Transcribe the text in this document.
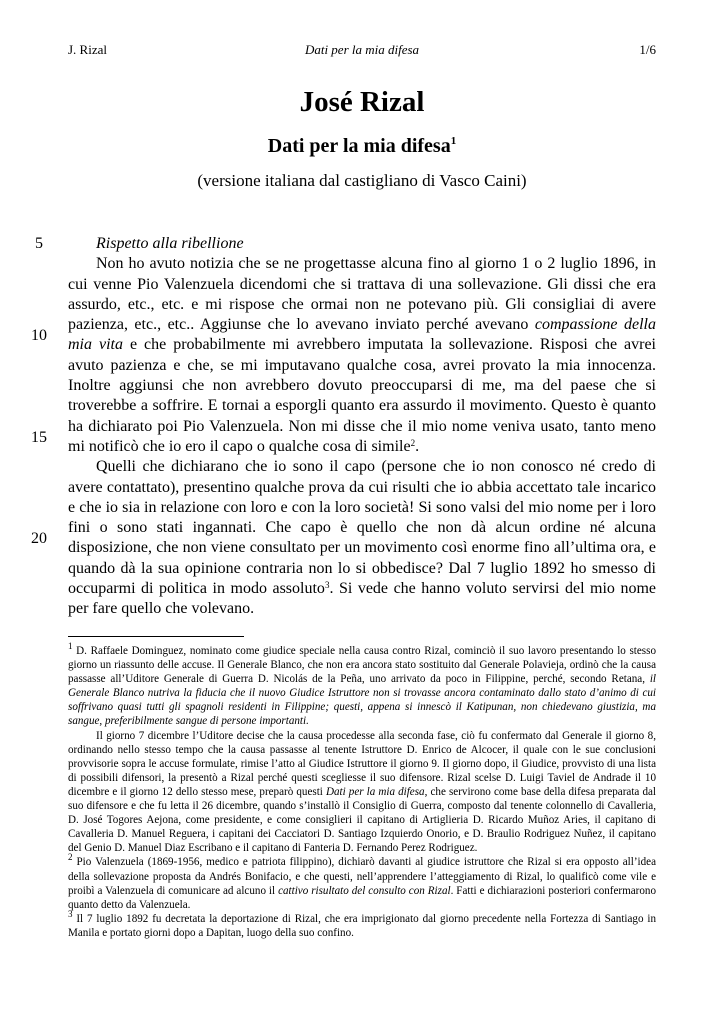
J. Rizal	Dati per la mia difesa	1/6
José Rizal
Dati per la mia difesa$^1$
(versione italiana dal castigliano di Vasco Caini)
5
10
15
20

Rispetto alla ribellione

Non ho avuto notizia che se ne progettasse alcuna fino al giorno 1 o 2 luglio 1896, in cui venne Pio Valenzuela dicendomi che si trattava di una sollevazione. Gli dissi che era assurdo, etc., etc. e mi rispose che ormai non ne potevano più. Gli consigliai di avere pazienza, etc., etc.. Aggiunse che lo avevano inviato perché avevano compassione della mia vita e che probabilmente mi avrebbero imputata la sollevazione. Risposi che avrei avuto pazienza e che, se mi imputavano qualche cosa, avrei provato la mia innocenza. Inoltre aggiunsi che non avrebbero dovuto preoccuparsi di me, ma del paese che si troverebbe a soffrire. E tornai a esporgli quanto era assurdo il movimento. Questo è quanto ha dichiarato poi Pio Valenzuela. Non mi disse che il mio nome veniva usato, tanto meno mi notificò che io ero il capo o qualche cosa di simile$^2$.

Quelli che dichiarano che io sono il capo (persone che io non conosco né credo di avere contattato), presentino qualche prova da cui risulti che io abbia accettato tale incarico e che io sia in relazione con loro e con la loro società! Si sono valsi del mio nome per i loro fini o sono stati ingannati. Che capo è quello che non dà alcun ordine né alcuna disposizione, che non viene consultato per un movimento così enorme fino all’ultima ora, e quando dà la sua opinione contraria non lo si obbedisce? Dal 7 luglio 1892 ho smesso di occuparmi di politica in modo assoluto$^3$. Si vede che hanno voluto servirsi del mio nome per fare quello che volevano.

$^1$ D. Raffaele Dominguez, nominato come giudice speciale nella causa contro Rizal, cominciò il suo lavoro presentando lo stesso giorno un riassunto delle accuse. Il Generale Blanco, che non era ancora stato sostituito dal Generale Polavieja, ordinò che la causa passasse all’Uditore Generale di Guerra D. Nicolás de la Peña, uno arrivato da poco in Filippine, perché, secondo Retana, il Generale Blanco nutriva la fiducia che il nuovo Giudice Istruttore non si trovasse ancora contaminato dallo stato d’animo di cui soffrivano quasi tutti gli spagnoli residenti in Filippine; questi, appena si innescò il Katipunan, non chiedevano giustizia, ma sangue, preferibilmente sangue di persone importanti.

Il giorno 7 dicembre l’Uditore decise che la causa procedesse alla seconda fase, ciò fu confermato dal Generale il giorno 8, ordinando nello stesso tempo che la causa passasse al tenente Istruttore D. Enrico de Alcocer, il quale con le sue conclusioni provvisorie sopra le accuse formulate, rimise l’atto al Giudice Istruttore il giorno 9. Il giorno dopo, il Giudice, provvisto di una lista di possibili difensori, la presentò a Rizal perché questi scegliesse il suo difensore. Rizal scelse D. Luigi Taviel de Andrade il 10 dicembre e il giorno 12 dello stesso mese, preparò questi Dati per la mia difesa, che servirono come base della difesa preparata dal suo difensore e che fu letta il 26 dicembre, quando s’installò il Consiglio di Guerra, composto dal tenente colonnello di Cavalleria, D. José Togores Aejona, come presidente, e come consiglieri il capitano di Artiglieria D. Ricardo Muñoz Aries, il capitano di Cavalleria D. Manuel Reguera, i capitani dei Cacciatori D. Santiago Izquierdo Onorio, e D. Braulio Rodriguez Nuñez, il capitano del Genio D. Manuel Diaz Escribano e il capitano di Fanteria D. Fernando Perez Rodriguez.

$^2$ Pio Valenzuela (1869-1956, medico e patriota filippino), dichiarò davanti al giudice istruttore che Rizal si era opposto all’idea della sollevazione proposta da Andrés Bonifacio, e che questi, nell’apprendere l’atteggiamento di Rizal, lo qualificò come vile e proibì a Valenzuela di comunicare ad alcuno il cattivo risultato del consulto con Rizal. Fatti e dichiarazioni posteriori confermarono quanto detto da Valenzuela.

$^3$ Il 7 luglio 1892 fu decretata la deportazione di Rizal, che era imprigionato dal giorno precedente nella Fortezza di Santiago in Manila e portato giorni dopo a Dapitan, luogo della suo confino.
